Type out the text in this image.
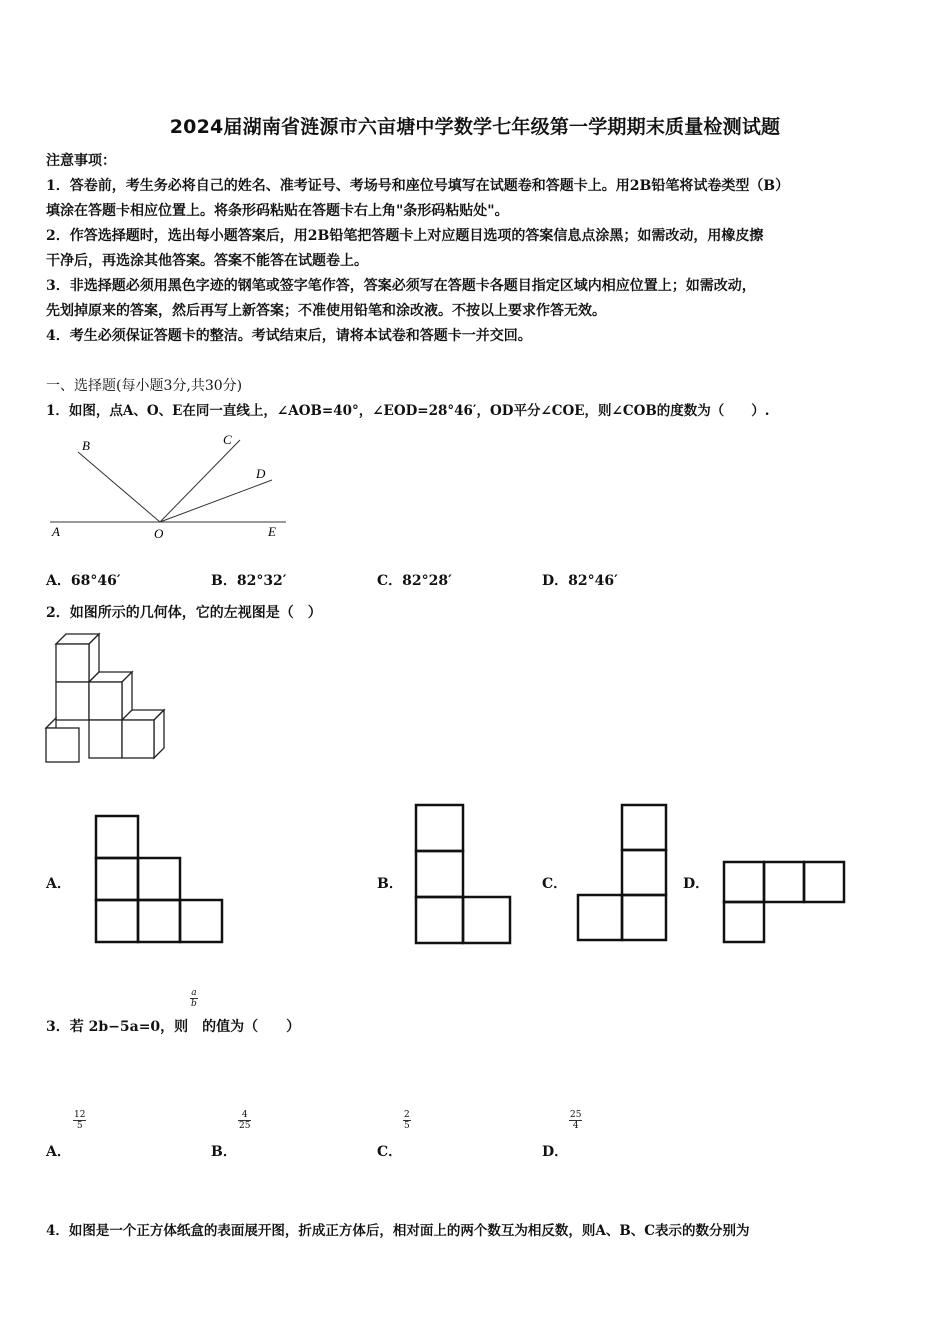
2024届湖南省涟源市六亩塘中学数学七年级第一学期期末质量检测试题
注意事项：
1．答卷前，考生务必将自己的姓名、准考证号、考场号和座位号填写在试题卷和答题卡上。用2B铅笔将试卷类型（B）
填涂在答题卡相应位置上。将条形码粘贴在答题卡右上角"条形码粘贴处"。
2．作答选择题时，选出每小题答案后，用2B铅笔把答题卡上对应题目选项的答案信息点涂黑；如需改动，用橡皮擦
干净后，再选涂其他答案。答案不能答在试题卷上。
3．非选择题必须用黑色字迹的钢笔或签字笔作答，答案必须写在答题卡各题目指定区域内相应位置上；如需改动，
先划掉原来的答案，然后再写上新答案；不准使用铅笔和涂改液。不按以上要求作答无效。
4．考生必须保证答题卡的整洁。考试结束后，请将本试卷和答题卡一并交回。
一、选择题(每小题3分,共30分)
1．如图，点A、O、E在同一直线上，∠AOB=40°，∠EOD=28°46′，OD平分∠COE，则∠COB的度数为（　　）.
A	O	E
B	C
D
A．68°46′	B．82°32′	C．82°28′	D．82°46′
2．如图所示的几何体，它的左视图是（　）
A．	B．	C．	D．
$\frac{a}{b}$
3．若 2b−5a=0，则 的值为（　　）
A．
$\frac{12}{5}$
B．
$\frac{4}{25}$
C．
$\frac{2}{5}$
D．
$\frac{25}{4}$
4．如图是一个正方体纸盒的表面展开图，折成正方体后，相对面上的两个数互为相反数，则A、B、C表示的数分别为
